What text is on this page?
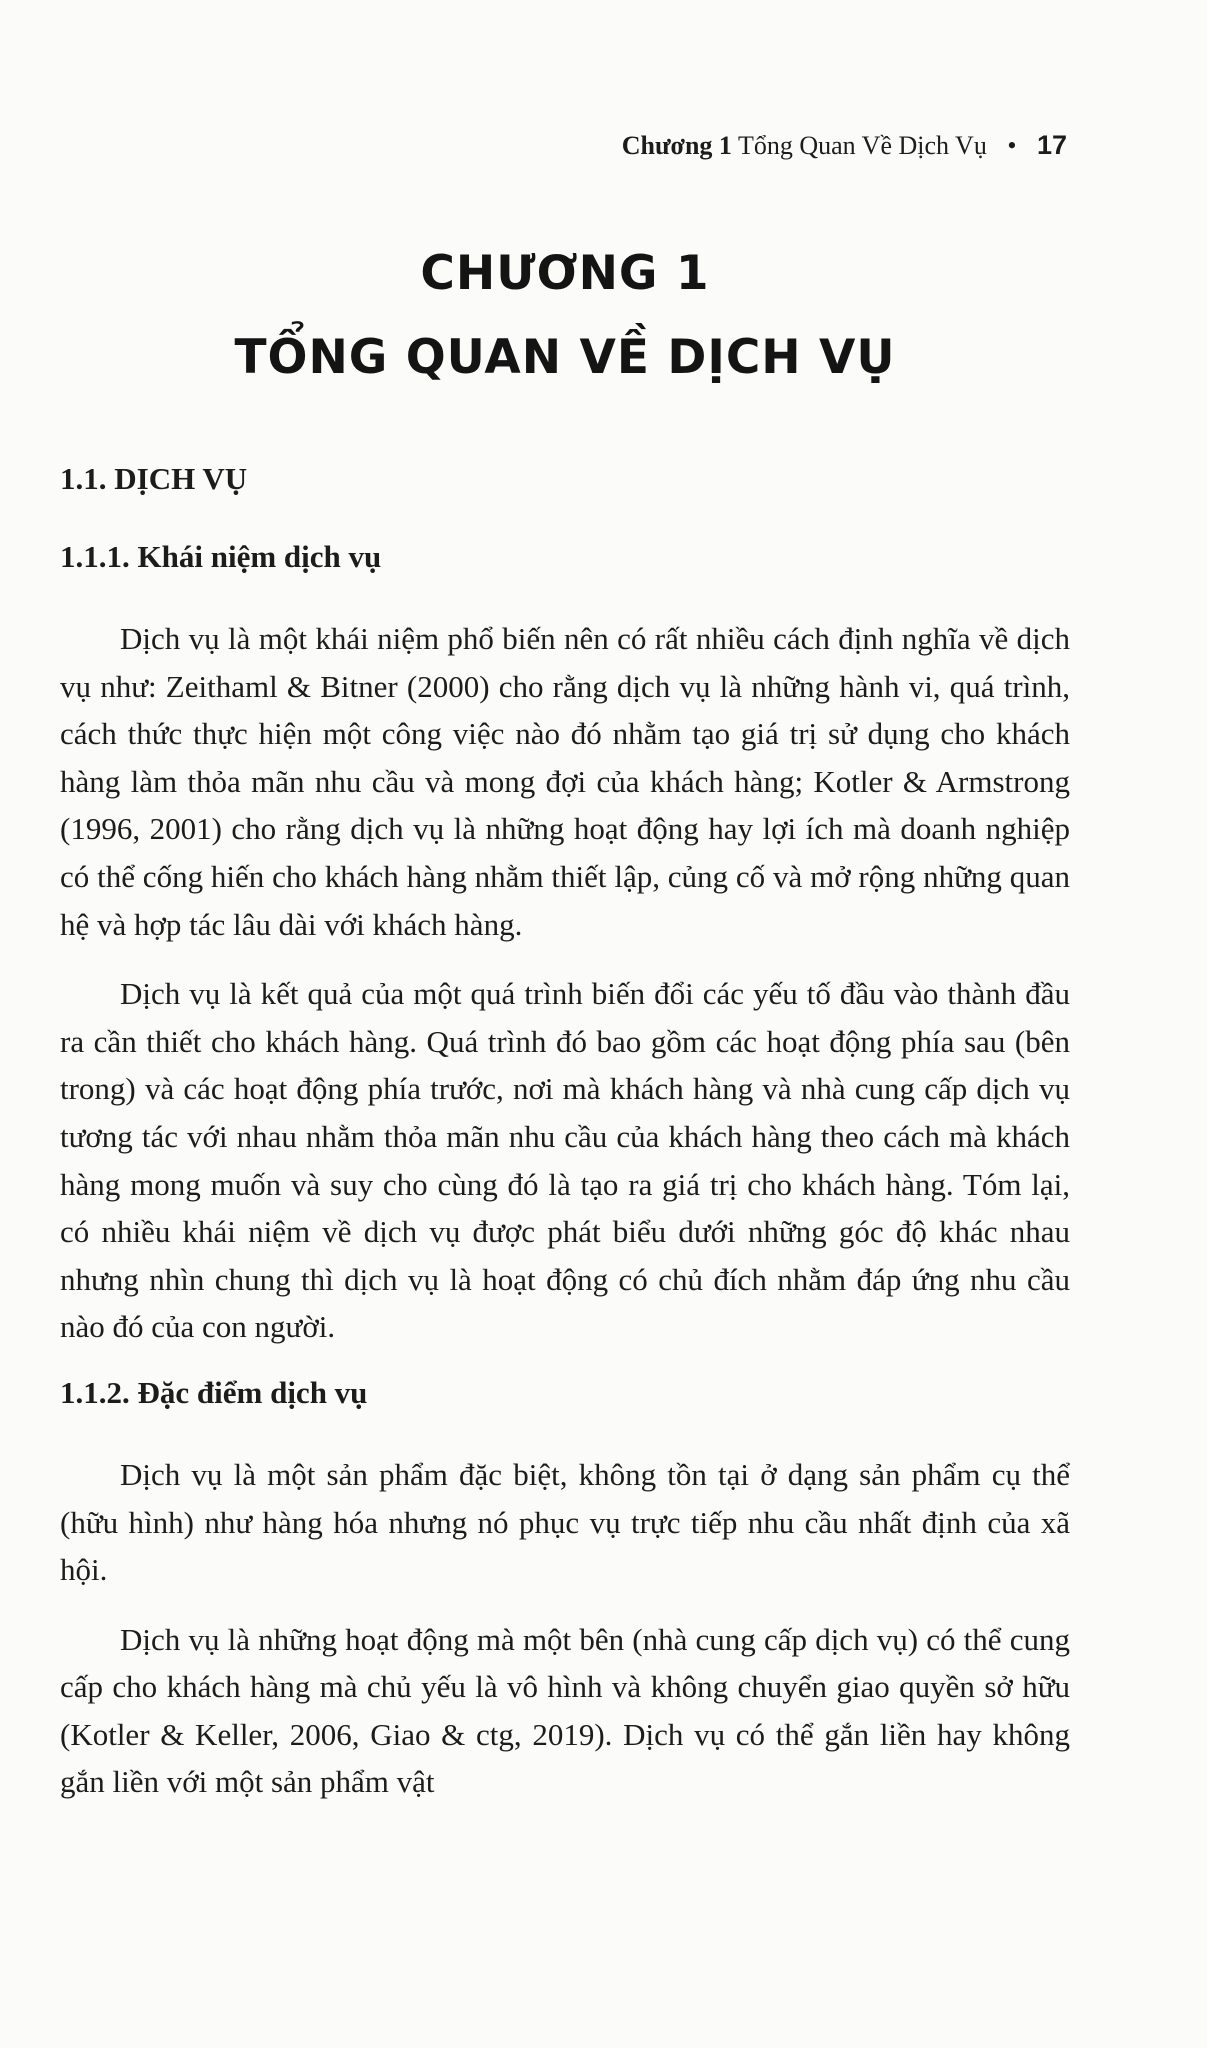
Chương 1 Tổng Quan Về Dịch Vụ • 17
CHƯƠNG 1
TỔNG QUAN VỀ DỊCH VỤ
1.1. DỊCH VỤ
1.1.1. Khái niệm dịch vụ

Dịch vụ là một khái niệm phổ biến nên có rất nhiều cách định nghĩa về dịch vụ như: Zeithaml & Bitner (2000) cho rằng dịch vụ là những hành vi, quá trình, cách thức thực hiện một công việc nào đó nhằm tạo giá trị sử dụng cho khách hàng làm thỏa mãn nhu cầu và mong đợi của khách hàng; Kotler & Armstrong (1996, 2001) cho rằng dịch vụ là những hoạt động hay lợi ích mà doanh nghiệp có thể cống hiến cho khách hàng nhằm thiết lập, củng cố và mở rộng những quan hệ và hợp tác lâu dài với khách hàng.

Dịch vụ là kết quả của một quá trình biến đổi các yếu tố đầu vào thành đầu ra cần thiết cho khách hàng. Quá trình đó bao gồm các hoạt động phía sau (bên trong) và các hoạt động phía trước, nơi mà khách hàng và nhà cung cấp dịch vụ tương tác với nhau nhằm thỏa mãn nhu cầu của khách hàng theo cách mà khách hàng mong muốn và suy cho cùng đó là tạo ra giá trị cho khách hàng. Tóm lại, có nhiều khái niệm về dịch vụ được phát biểu dưới những góc độ khác nhau nhưng nhìn chung thì dịch vụ là hoạt động có chủ đích nhằm đáp ứng nhu cầu nào đó của con người.

1.1.2. Đặc điểm dịch vụ

Dịch vụ là một sản phẩm đặc biệt, không tồn tại ở dạng sản phẩm cụ thể (hữu hình) như hàng hóa nhưng nó phục vụ trực tiếp nhu cầu nhất định của xã hội.

Dịch vụ là những hoạt động mà một bên (nhà cung cấp dịch vụ) có thể cung cấp cho khách hàng mà chủ yếu là vô hình và không chuyển giao quyền sở hữu (Kotler & Keller, 2006, Giao & ctg, 2019). Dịch vụ có thể gắn liền hay không gắn liền với một sản phẩm vật
